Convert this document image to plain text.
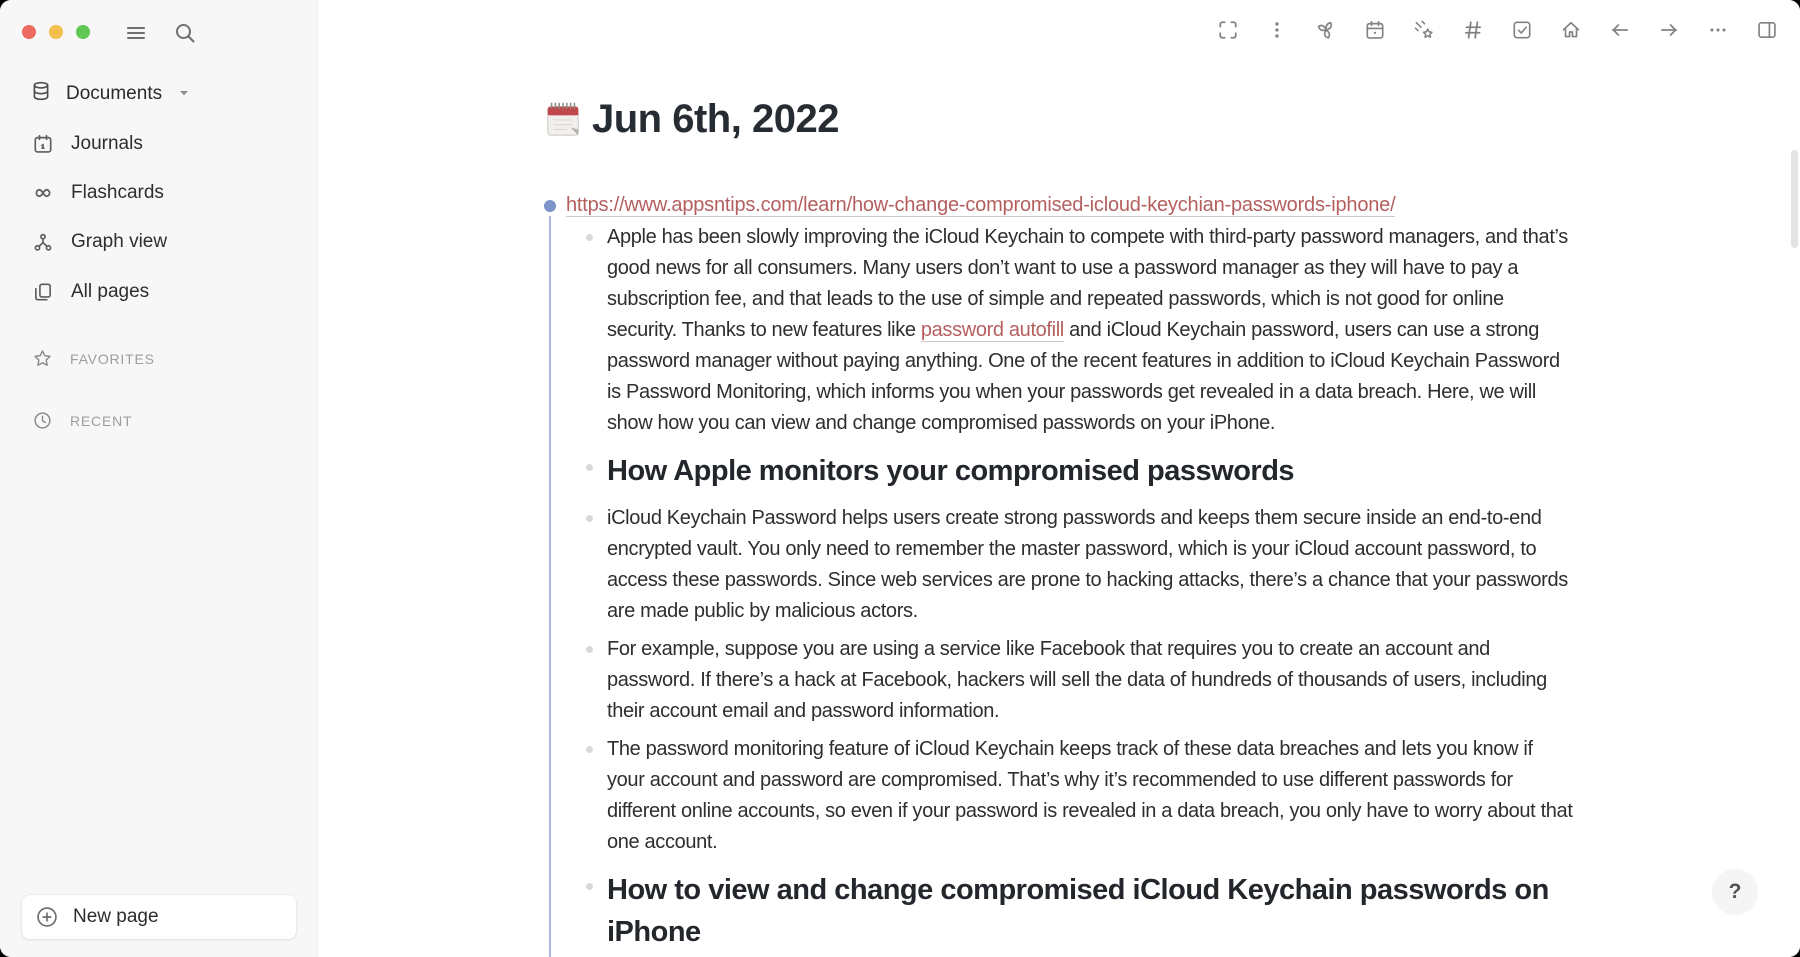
Documents
Journals
Flashcards
Graph view
All pages
FAVORITES
RECENT
New page
Jun 6th, 2022
https://www.appsntips.com/learn/how-change-compromised-icloud-keychian-passwords-iphone/
Apple has been slowly improving the iCloud Keychain to compete with third-party password managers, and that’s good news for all consumers. Many users don’t want to use a password manager as they will have to pay a subscription fee, and that leads to the use of simple and repeated passwords, which is not good for online security. Thanks to new features like password autofill and iCloud Keychain password, users can use a strong password manager without paying anything. One of the recent features in addition to iCloud Keychain Password is Password Monitoring, which informs you when your passwords get revealed in a data breach. Here, we will show how you can view and change compromised passwords on your iPhone.
How Apple monitors your compromised passwords
iCloud Keychain Password helps users create strong passwords and keeps them secure inside an end-to-end encrypted vault. You only need to remember the master password, which is your iCloud account password, to access these passwords. Since web services are prone to hacking attacks, there’s a chance that your passwords are made public by malicious actors.
For example, suppose you are using a service like Facebook that requires you to create an account and password. If there’s a hack at Facebook, hackers will sell the data of hundreds of thousands of users, including their account email and password information.
The password monitoring feature of iCloud Keychain keeps track of these data breaches and lets you know if your account and password are compromised. That’s why it’s recommended to use different passwords for different online accounts, so even if your password is revealed in a data breach, you only have to worry about that one account.
How to view and change compromised iCloud Keychain passwords on iPhone
?
